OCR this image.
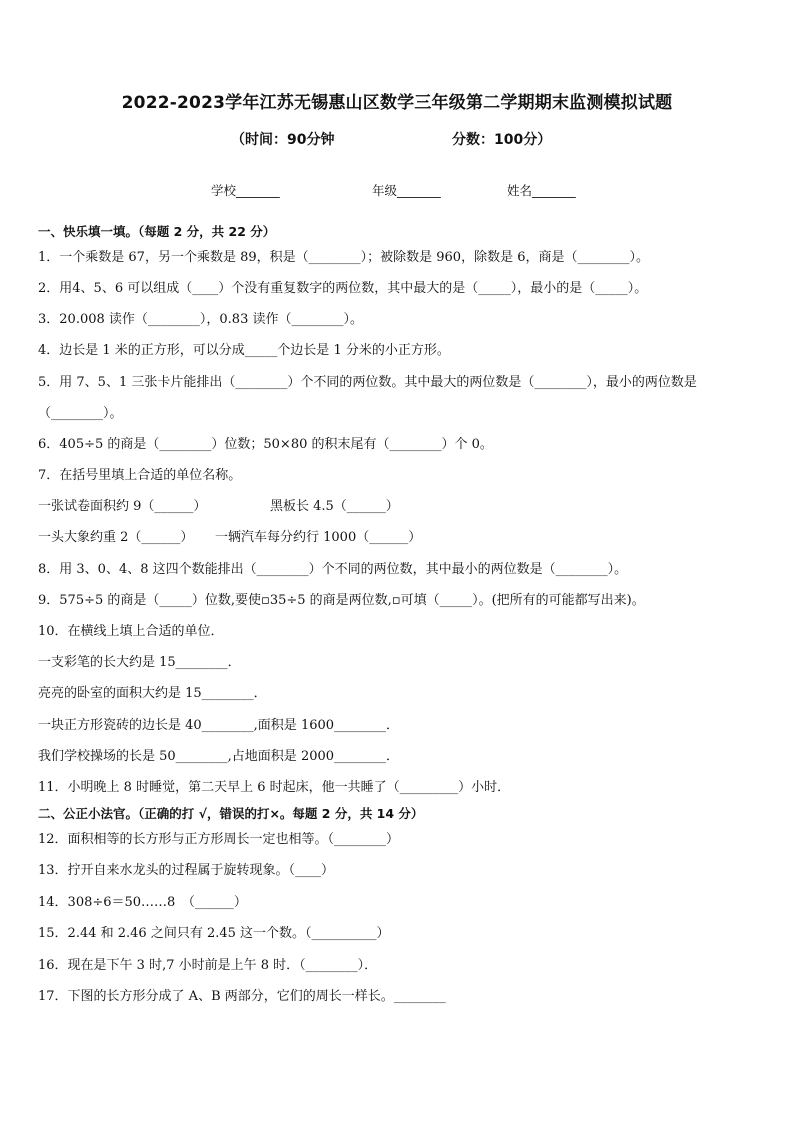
2022-2023学年江苏无锡惠山区数学三年级第二学期期末监测模拟试题
（时间：90分钟	分数：100分）
学校_______	年级_______	姓名_______
一、快乐填一填。（每题 2 分，共 22 分）
1．一个乘数是 67，另一个乘数是 89，积是（________）；被除数是 960，除数是 6，商是（________）。
2．用4、5、6 可以组成（____）个没有重复数字的两位数，其中最大的是（_____），最小的是（_____）。
3．20.008 读作（________），0.83 读作（________）。
4．边长是 1 米的正方形，可以分成_____个边长是 1 分米的小正方形。
5．用 7、5、1 三张卡片能排出（________）个不同的两位数。其中最大的两位数是（________），最小的两位数是
（________）。
6．405÷5 的商是（________）位数；50×80 的积末尾有（________）个 0。
7．在括号里填上合适的单位名称。
一张试卷面积约 9（______）	黑板长 4.5（______）
一头大象约重 2（______） 一辆汽车每分约行 1000（______）
8．用 3、0、4、8 这四个数能排出（________）个不同的两位数，其中最小的两位数是（________）。
9．575÷5 的商是（_____）位数,要使▫35÷5 的商是两位数,▫可填（_____）。(把所有的可能都写出来)。
10．在横线上填上合适的单位．
一支彩笔的长大约是 15________．
亮亮的卧室的面积大约是 15________．
一块正方形瓷砖的边长是 40________,面积是 1600________．
我们学校操场的长是 50________,占地面积是 2000________．
11．小明晚上 8 时睡觉，第二天早上 6 时起床，他一共睡了（_________）小时．
二、公正小法官。（正确的打 √，错误的打×。每题 2 分，共 14 分）
12．面积相等的长方形与正方形周长一定也相等。（________）
13．拧开自来水龙头的过程属于旋转现象。（____）
14．308÷6＝50……8　（______）
15．2.44 和 2.46 之间只有 2.45 这一个数。（__________）
16．现在是下午 3 时,7 小时前是上午 8 时．（________）．
17．下图的长方形分成了 A、B 两部分，它们的周长一样长。________
